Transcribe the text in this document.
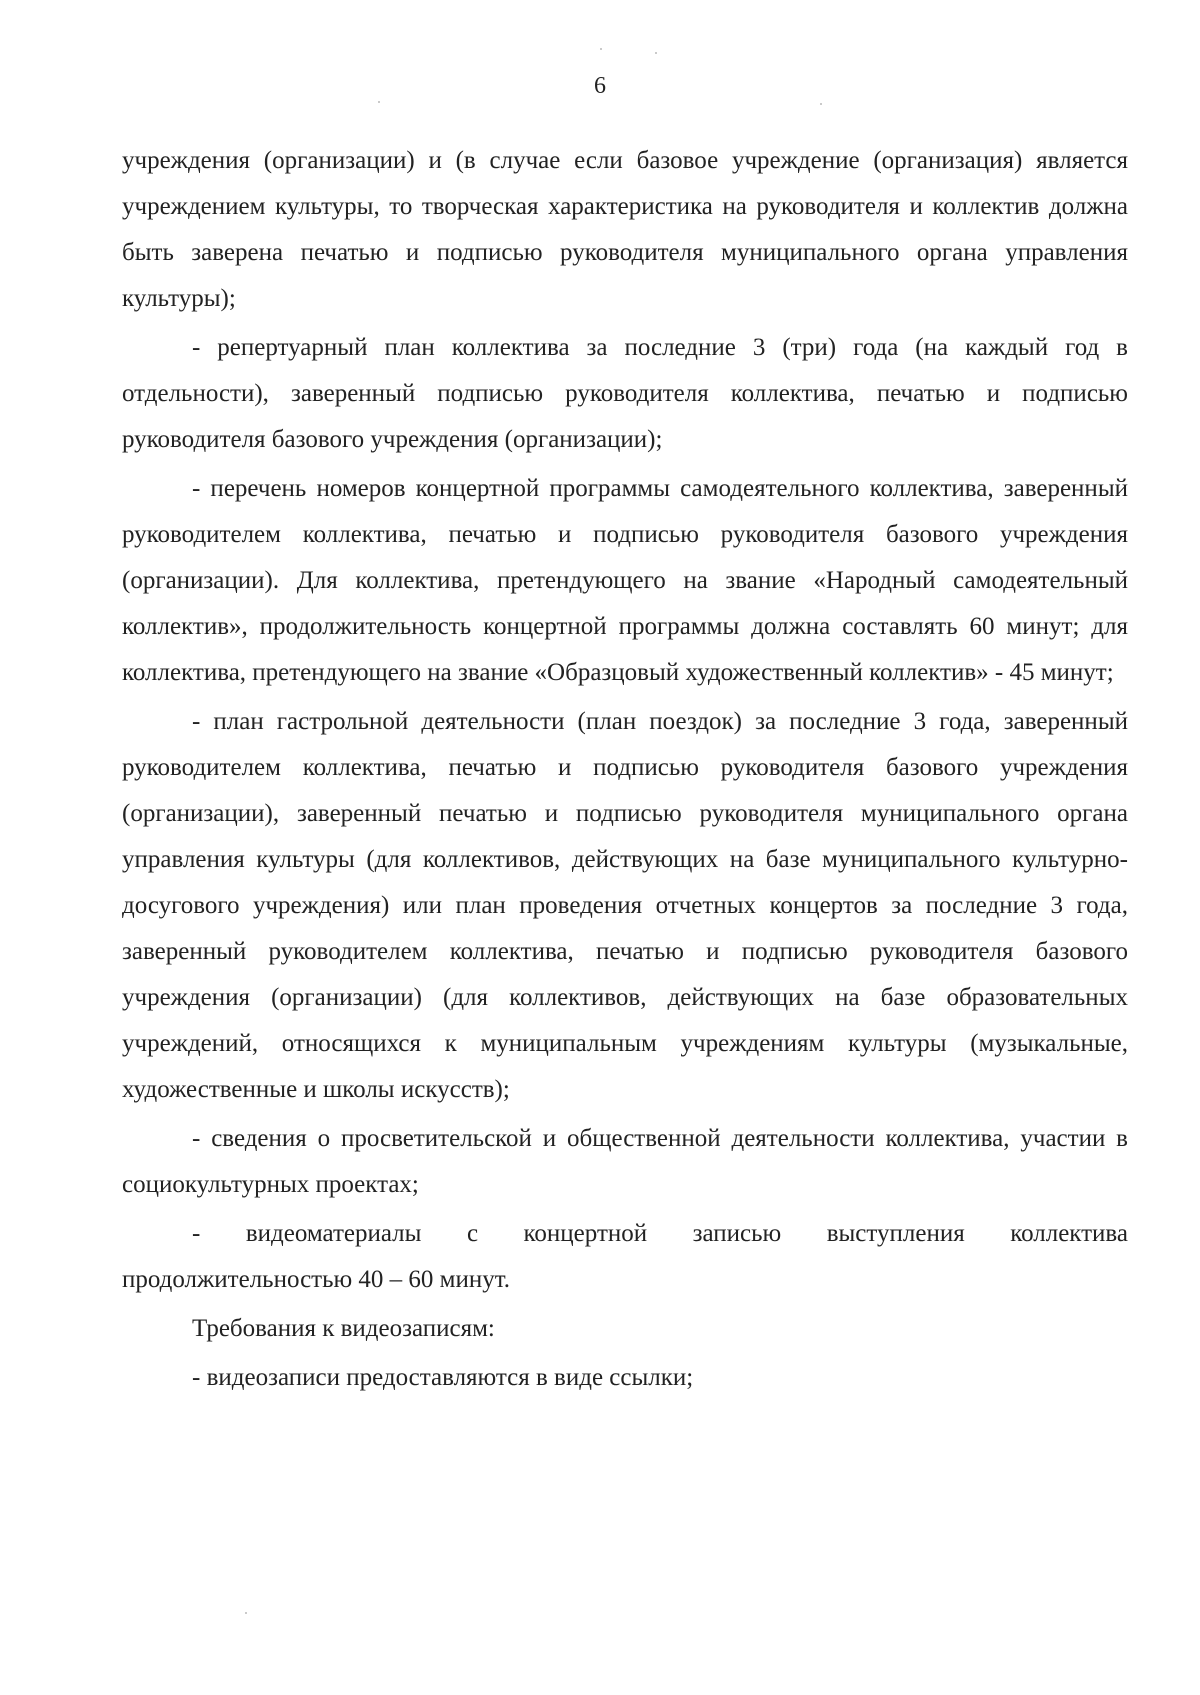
6

учреждения (организации) и (в случае если базовое учреждение (организация) является учреждением культуры, то творческая характеристика на руководителя и коллектив должна быть заверена печатью и подписью руководителя муниципального органа управления культуры);

- репертуарный план коллектива за последние 3 (три) года (на каждый год в отдельности), заверенный подписью руководителя коллектива, печатью и подписью руководителя базового учреждения (организации);

- перечень номеров концертной программы самодеятельного коллектива, заверенный руководителем коллектива, печатью и подписью руководителя базового учреждения (организации). Для коллектива, претендующего на звание «Народный самодеятельный коллектив», продолжительность концертной программы должна составлять 60 минут; для коллектива, претендующего на звание «Образцовый художественный коллектив» - 45 минут;

- план гастрольной деятельности (план поездок) за последние 3 года, заверенный руководителем коллектива, печатью и подписью руководителя базового учреждения (организации), заверенный печатью и подписью руководителя муниципального органа управления культуры (для коллективов, действующих на базе муниципального культурно-досугового учреждения) или план проведения отчетных концертов за последние 3 года, заверенный руководителем коллектива, печатью и подписью руководителя базового учреждения (организации) (для коллективов, действующих на базе образовательных учреждений, относящихся к муниципальным учреждениям культуры (музыкальные, художественные и школы искусств);

- сведения о просветительской и общественной деятельности коллектива, участии в социокультурных проектах;

- видеоматериалы с концертной записью выступления коллектива продолжительностью 40 – 60 минут.

Требования к видеозаписям:

- видеозаписи предоставляются в виде ссылки;
